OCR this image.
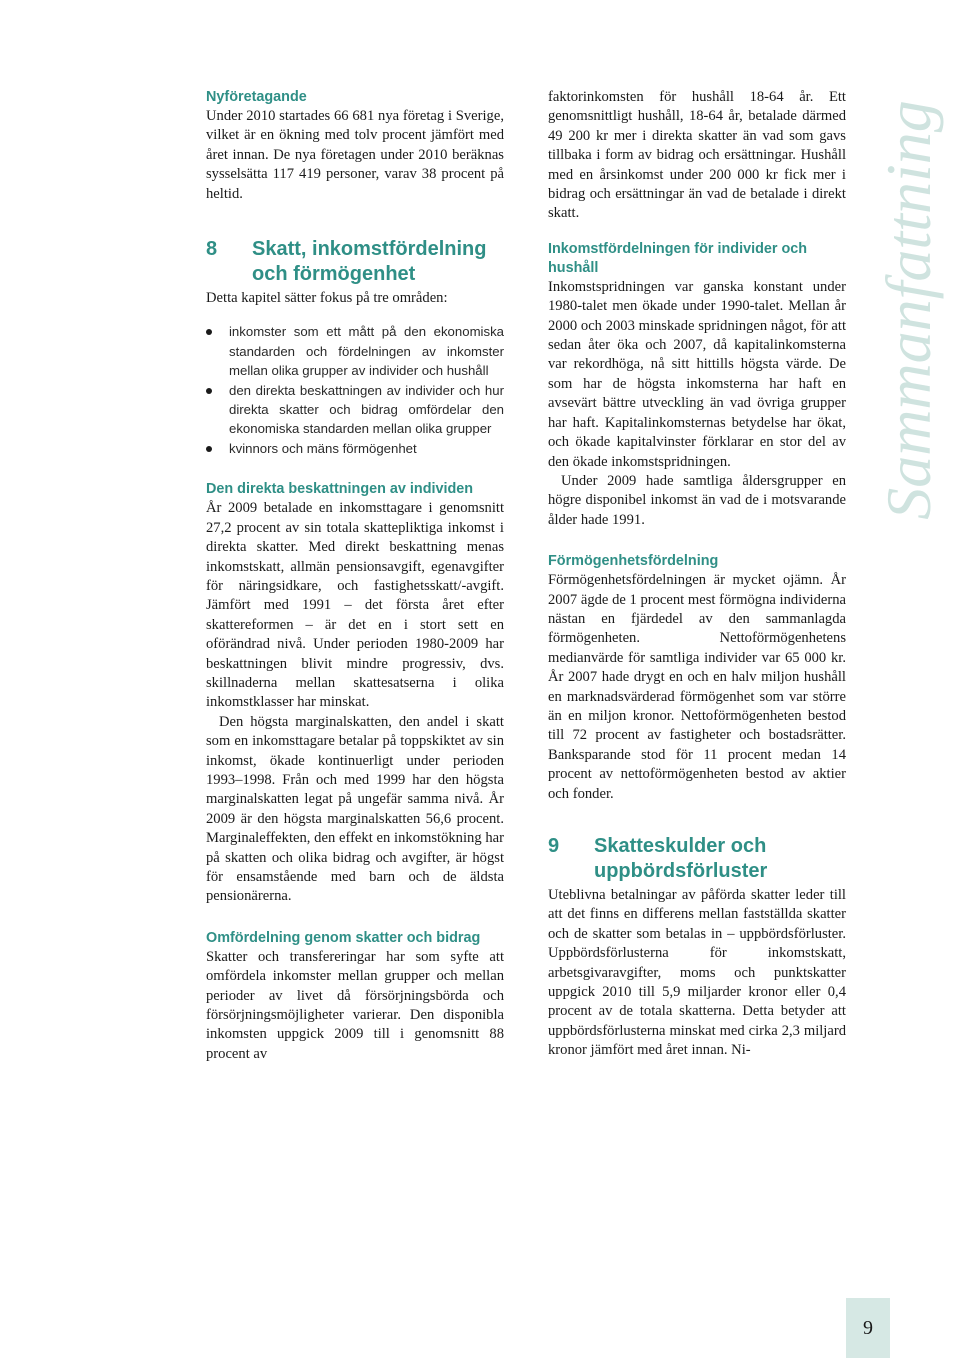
Sammanfattning
Nyföretagande

Under 2010 startades 66 681 nya företag i Sverige, vilket är en ökning med tolv procent jämfört med året innan. De nya företagen under 2010 beräknas sysselsätta 117 419 personer, varav 38 procent på heltid.

8	Skatt, inkomstfördelning och förmögenhet

Detta kapitel sätter fokus på tre områden:

inkomster som ett mått på den ekonomiska standarden och fördelningen av inkomster mellan olika grupper av individer och hushåll
den direkta beskattningen av individer och hur direkta skatter och bidrag omfördelar den ekonomiska standarden mellan olika grupper
kvinnors och mäns förmögenhet
Den direkta beskattningen av individen

År 2009 betalade en inkomsttagare i genomsnitt 27,2 procent av sin totala skattepliktiga inkomst i direkta skatter. Med direkt beskattning menas inkomstskatt, allmän pensionsavgift, egenavgifter för näringsidkare, och fastighetsskatt/-avgift. Jämfört med 1991 – det första året efter skattereformen – är det en i stort sett en oförändrad nivå. Under perioden 1980-2009 har beskattningen blivit mindre progressiv, dvs. skillnaderna mellan skattesatserna i olika inkomstklasser har minskat.

Den högsta marginalskatten, den andel i skatt som en inkomsttagare betalar på toppskiktet av sin inkomst, ökade kontinuerligt under perioden 1993–1998. Från och med 1999 har den högsta marginalskatten legat på ungefär samma nivå. År 2009 är den högsta marginalskatten 56,6 procent. Marginaleffekten, den effekt en inkomstökning har på skatten och olika bidrag och avgifter, är högst för ensamstående med barn och de äldsta pensionärerna.

Omfördelning genom skatter och bidrag

Skatter och transfereringar har som syfte att omfördela inkomster mellan grupper och mellan perioder av livet då försörjningsbörda och försörjningsmöjligheter varierar. Den disponibla inkomsten uppgick 2009 till i genomsnitt 88 procent av

faktorinkomsten för hushåll 18-64 år. Ett genomsnittligt hushåll, 18-64 år, betalade därmed 49 200 kr mer i direkta skatter än vad som gavs tillbaka i form av bidrag och ersättningar. Hushåll med en årsinkomst under 200 000 kr fick mer i bidrag och ersättningar än vad de betalade i direkt skatt.

Inkomstfördelningen för individer och hushåll

Inkomstspridningen var ganska konstant under 1980-talet men ökade under 1990-talet. Mellan år 2000 och 2003 minskade spridningen något, för att sedan åter öka och 2007, då kapitalinkomsterna var rekordhöga, nå sitt hittills högsta värde. De som har de högsta inkomsterna har haft en avsevärt bättre utveckling än vad övriga grupper har haft. Kapitalinkomsternas betydelse har ökat, och ökade kapitalvinster förklarar en stor del av den ökade inkomstspridningen.

Under 2009 hade samtliga åldersgrupper en högre disponibel inkomst än vad de i motsvarande ålder hade 1991.

Förmögenhetsfördelning

Förmögenhetsfördelningen är mycket ojämn. År 2007 ägde de 1 procent mest förmögna individerna nästan en fjärdedel av den sammanlagda förmögenheten. Nettoförmögenhetens medianvärde för samtliga individer var 65 000 kr. År 2007 hade drygt en och en halv miljon hushåll en marknadsvärderad förmögenhet som var större än en miljon kronor. Nettoförmögenheten bestod till 72 procent av fastigheter och bostadsrätter. Banksparande stod för 11 procent medan 14 procent av nettoförmögenheten bestod av aktier och fonder.

9	Skatteskulder och uppbördsförluster

Uteblivna betalningar av påförda skatter leder till att det finns en differens mellan fastställda skatter och de skatter som betalas in – uppbördsförluster. Uppbördsförlusterna för inkomstskatt, arbetsgivaravgifter, moms och punktskatter uppgick 2010 till 5,9 miljarder kronor eller 0,4 procent av de totala skatterna. Detta betyder att uppbördsförlusterna minskat med cirka 2,3 miljard kronor jämfört med året innan. Ni-

9
